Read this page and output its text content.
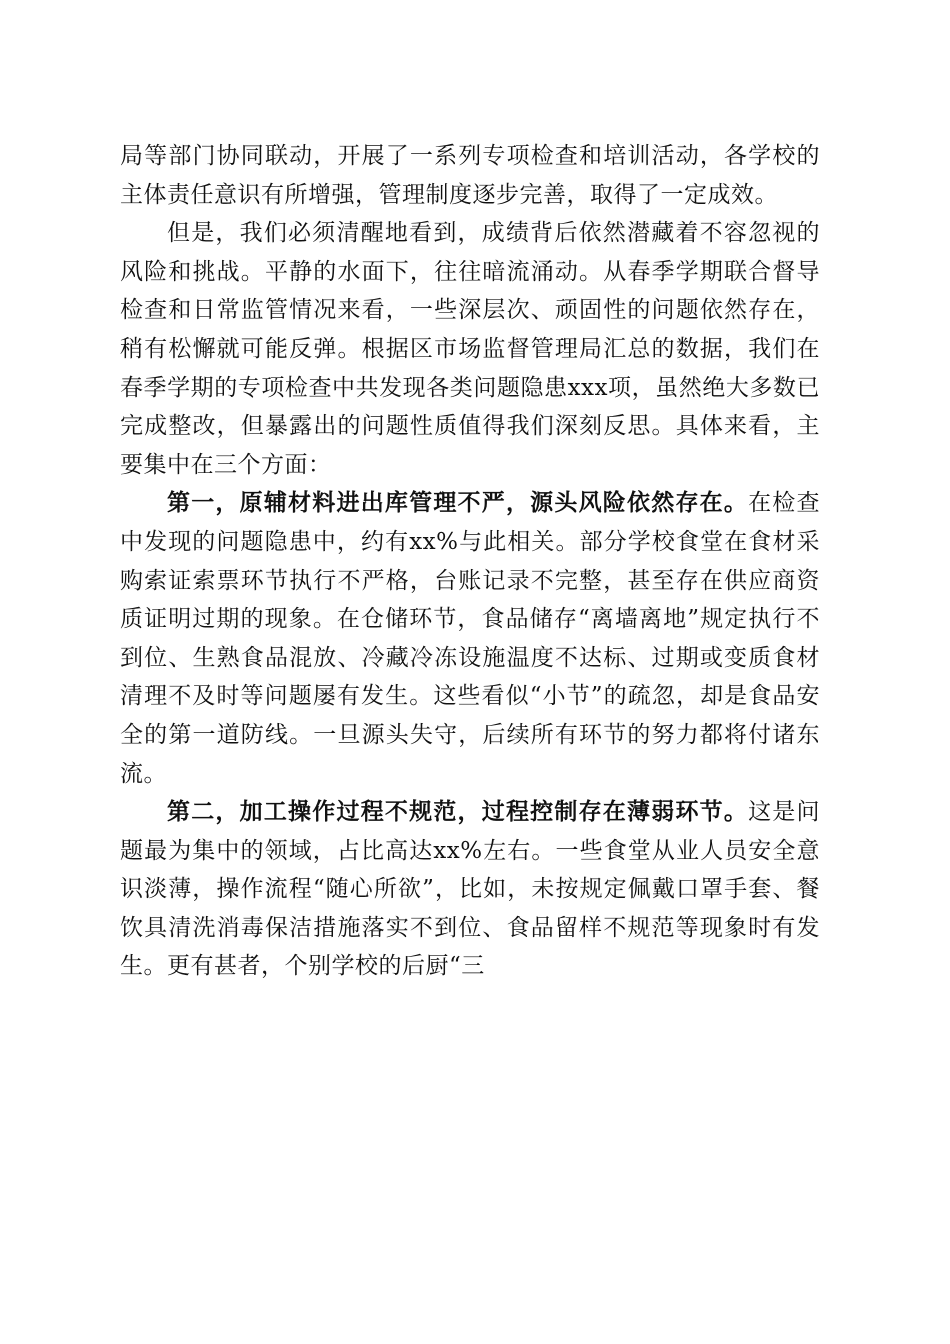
局等部门协同联动，开展了一系列专项检查和培训活动，各学校的主体责任意识有所增强，管理制度逐步完善，取得了一定成效。

但是，我们必须清醒地看到，成绩背后依然潜藏着不容忽视的风险和挑战。平静的水面下，往往暗流涌动。从春季学期联合督导检查和日常监管情况来看，一些深层次、顽固性的问题依然存在，稍有松懈就可能反弹。根据区市场监督管理局汇总的数据，我们在春季学期的专项检查中共发现各类问题隐患xxx项，虽然绝大多数已完成整改，但暴露出的问题性质值得我们深刻反思。具体来看，主要集中在三个方面：

第一，原辅材料进出库管理不严，源头风险依然存在。在检查中发现的问题隐患中，约有xx%与此相关。部分学校食堂在食材采购索证索票环节执行不严格，台账记录不完整，甚至存在供应商资质证明过期的现象。在仓储环节，食品储存“离墙离地”规定执行不到位、生熟食品混放、冷藏冷冻设施温度不达标、过期或变质食材清理不及时等问题屡有发生。这些看似“小节”的疏忽，却是食品安全的第一道防线。一旦源头失守，后续所有环节的努力都将付诸东流。

第二，加工操作过程不规范，过程控制存在薄弱环节。这是问题最为集中的领域，占比高达xx%左右。一些食堂从业人员安全意识淡薄，操作流程“随心所欲”，比如，未按规定佩戴口罩手套、餐饮具清洗消毒保洁措施落实不到位、食品留样不规范等现象时有发生。更有甚者，个别学校的后厨“三
